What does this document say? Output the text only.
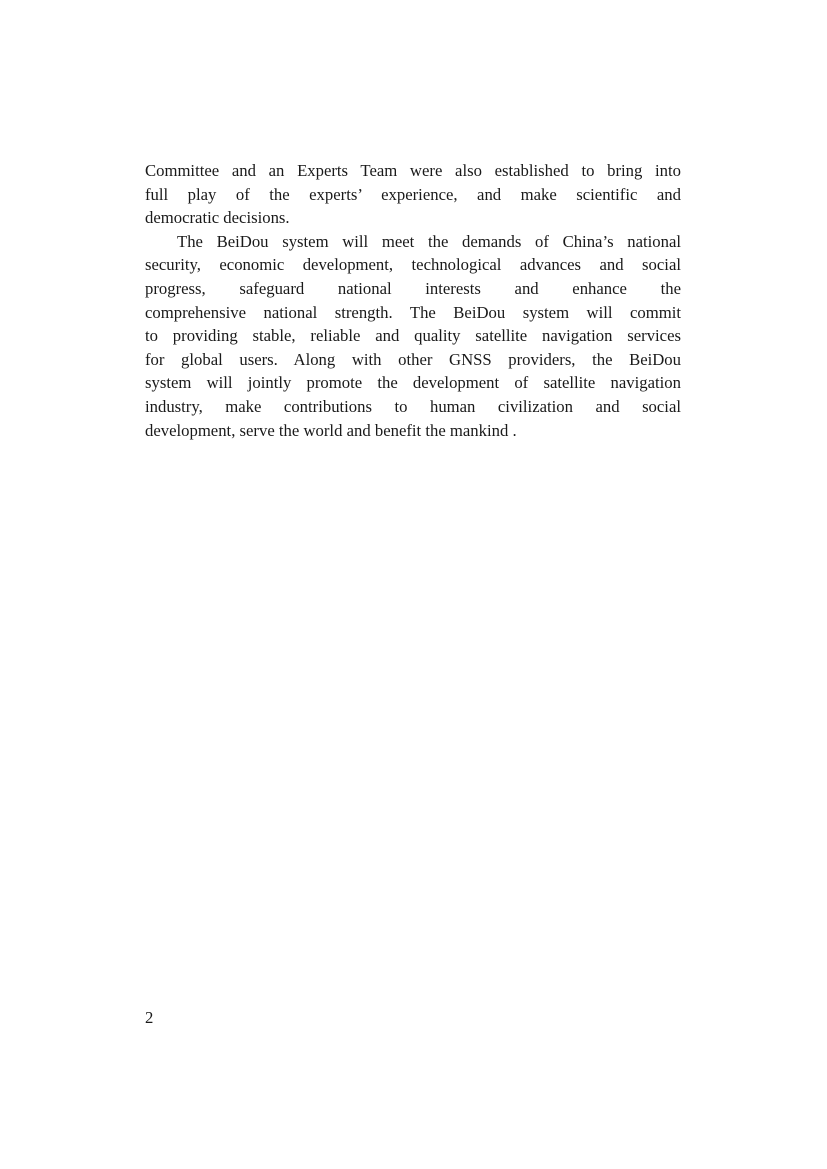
Committee and an Experts Team were also established to bring into
full play of the experts’ experience, and make scientific and
democratic decisions.
The BeiDou system will meet the demands of China’s national
security, economic development, technological advances and social
progress, safeguard national interests and enhance the
comprehensive national strength. The BeiDou system will commit
to providing stable, reliable and quality satellite navigation services
for global users. Along with other GNSS providers, the BeiDou
system will jointly promote the development of satellite navigation
industry, make contributions to human civilization and social
development, serve the world and benefit the mankind .
2
